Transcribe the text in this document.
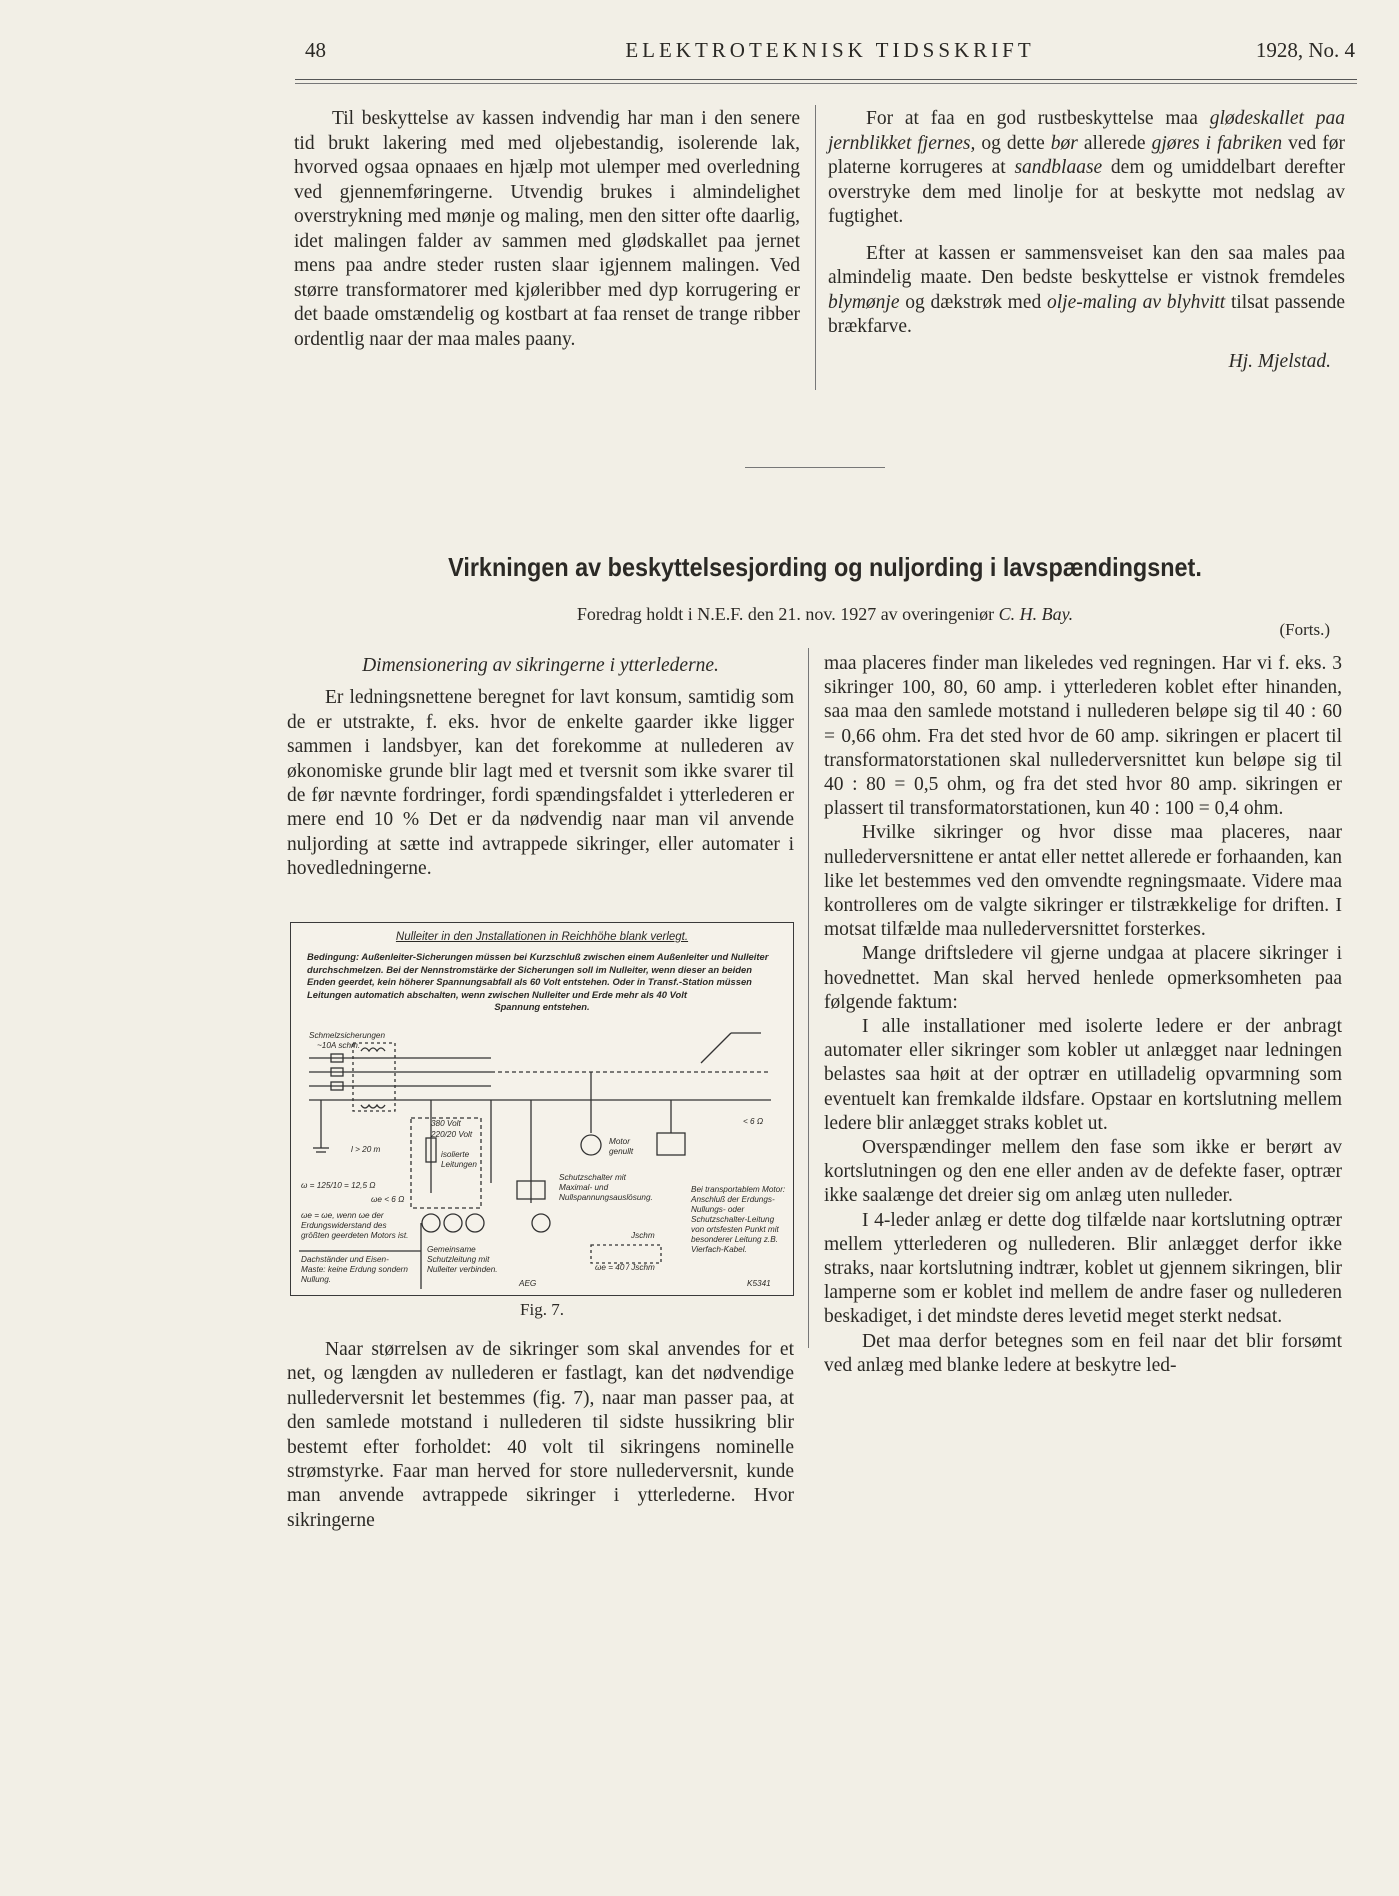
48	ELEKTROTEKNISK TIDSSKRIFT	1928, No. 4

Til beskyttelse av kassen indvendig har man i den senere tid brukt lakering med med oljebestandig, isolerende lak, hvorved ogsaa opnaaes en hjælp mot ulemper med overledning ved gjennemføringerne. Utvendig brukes i almindelighet overstrykning med mønje og maling, men den sitter ofte daarlig, idet malingen falder av sammen med glødskallet paa jernet mens paa andre steder rusten slaar igjennem malingen. Ved større transformatorer med kjøleribber med dyp korrugering er det baade omstændelig og kostbart at faa renset de trange ribber ordentlig naar der maa males paany.

For at faa en god rustbeskyttelse maa glødeskallet paa jernblikket fjernes, og dette bør allerede gjøres i fabriken ved før platerne korrugeres at sandblaase dem og umiddelbart derefter overstryke dem med linolje for at beskytte mot nedslag av fugtighet.

Efter at kassen er sammensveiset kan den saa males paa almindelig maate. Den bedste beskyttelse er vistnok fremdeles blymønje og dækstrøk med olje-maling av blyhvitt tilsat passende brækfarve.

Hj. Mjelstad.

Virkningen av beskyttelsesjording og nuljording i lavspændingsnet.
Foredrag holdt i N.E.F. den 21. nov. 1927 av overingeniør C. H. Bay.
(Forts.)

Dimensionering av sikringerne i ytterlederne.

Er ledningsnettene beregnet for lavt konsum, samtidig som de er utstrakte, f. eks. hvor de enkelte gaarder ikke ligger sammen i landsbyer, kan det forekomme at nullederen av økonomiske grunde blir lagt med et tversnit som ikke svarer til de før nævnte fordringer, fordi spændingsfaldet i ytterlederen er mere end 10 % Det er da nødvendig naar man vil anvende nuljording at sætte ind avtrappede sikringer, eller automater i hovedledningerne.

Nulleiter in den Jnstallationen in Reichhöhe blank verlegt.
Bedingung: Außenleiter-Sicherungen müssen bei Kurzschluß zwischen einem Außenleiter und Nulleiter durchschmelzen. Bei der Nennstromstärke der Sicherungen soll im Nulleiter, wenn dieser an beiden Enden geerdet, kein höherer Spannungsabfall als 60 Volt entstehen. Oder in Transf.-Station müssen Leitungen automatich abschalten, wenn zwischen Nulleiter und Erde mehr als 40 Volt
Spannung entstehen.
Schmelzsicherungen
~10A schm.
380 Volt
220/20 Volt
isolierte
Leitungen
l > 20 m
Motor
genullt
ω = 125/10 = 12,5 Ω
ωe < 6 Ω
ωe = ωe, wenn ωe der Erdungswiderstand des größten geerdeten Motors ist.
Dachständer und Eisen-Maste: keine Erdung sondern Nullung.
Gemeinsame Schutzleitung mit Nulleiter verbinden.
Schutzschalter mit Maximal- und Nullspannungsauslösung.
Jschm
ωe = 40 / Jschm
Bei transportablem Motor: Anschluß der Erdungs- Nullungs- oder Schutzschalter-Leitung von ortsfesten Punkt mit besonderer Leitung z.B. Vierfach-Kabel.
< 6 Ω
AEG	K5341
Fig. 7.

Naar størrelsen av de sikringer som skal anvendes for et net, og længden av nullederen er fastlagt, kan det nødvendige nullederversnit let bestemmes (fig. 7), naar man passer paa, at den samlede motstand i nullederen til sidste hussikring blir bestemt efter forholdet: 40 volt til sikringens nominelle strømstyrke. Faar man herved for store nullederversnit, kunde man anvende avtrappede sikringer i ytterlederne. Hvor sikringerne

maa placeres finder man likeledes ved regningen. Har vi f. eks. 3 sikringer 100, 80, 60 amp. i ytterlederen koblet efter hinanden, saa maa den samlede motstand i nullederen beløpe sig til 40 : 60 = 0,66 ohm. Fra det sted hvor de 60 amp. sikringen er placert til transformatorstationen skal nullederversnittet kun beløpe sig til 40 : 80 = 0,5 ohm, og fra det sted hvor 80 amp. sikringen er plassert til transformatorstationen, kun 40 : 100 = 0,4 ohm.

Hvilke sikringer og hvor disse maa placeres, naar nullederversnittene er antat eller nettet allerede er forhaanden, kan like let bestemmes ved den omvendte regningsmaate. Videre maa kontrolleres om de valgte sikringer er tilstrækkelige for driften. I motsat tilfælde maa nullederversnittet forsterkes.

Mange driftsledere vil gjerne undgaa at placere sikringer i hovednettet. Man skal herved henlede opmerksomheten paa følgende faktum:

I alle installationer med isolerte ledere er der anbragt automater eller sikringer som kobler ut anlægget naar ledningen belastes saa høit at der optrær en utilladelig opvarmning som eventuelt kan fremkalde ildsfare. Opstaar en kortslutning mellem ledere blir anlægget straks koblet ut.

Overspændinger mellem den fase som ikke er berørt av kortslutningen og den ene eller anden av de defekte faser, optrær ikke saalænge det dreier sig om anlæg uten nulleder.

I 4-leder anlæg er dette dog tilfælde naar kortslutning optrær mellem ytterlederen og nullederen. Blir anlægget derfor ikke straks, naar kortslutning indtrær, koblet ut gjennem sikringen, blir lamperne som er koblet ind mellem de andre faser og nullederen beskadiget, i det mindste deres levetid meget sterkt nedsat.

Det maa derfor betegnes som en feil naar det blir forsømt ved anlæg med blanke ledere at beskytre led-
